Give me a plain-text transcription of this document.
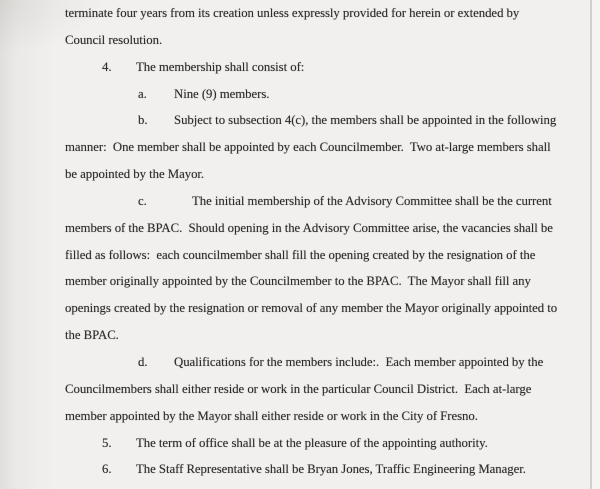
terminate four years from its creation unless expressly provided for herein or extended by
Council resolution.
4. The membership shall consist of:
a. Nine (9) members.
b. Subject to subsection 4(c), the members shall be appointed in the following
manner:  One member shall be appointed by each Councilmember.  Two at-large members shall
be appointed by the Mayor.
c.	The initial membership of the Advisory Committee shall be the current
members of the BPAC.  Should opening in the Advisory Committee arise, the vacancies shall be
filled as follows:  each councilmember shall fill the opening created by the resignation of the
member originally appointed by the Councilmember to the BPAC.  The Mayor shall fill any
openings created by the resignation or removal of any member the Mayor originally appointed to
the BPAC.
d. Qualifications for the members include:.  Each member appointed by the
Councilmembers shall either reside or work in the particular Council District.  Each at-large
member appointed by the Mayor shall either reside or work in the City of Fresno.
5. The term of office shall be at the pleasure of the appointing authority.
6. The Staff Representative shall be Bryan Jones, Traffic Engineering Manager.
